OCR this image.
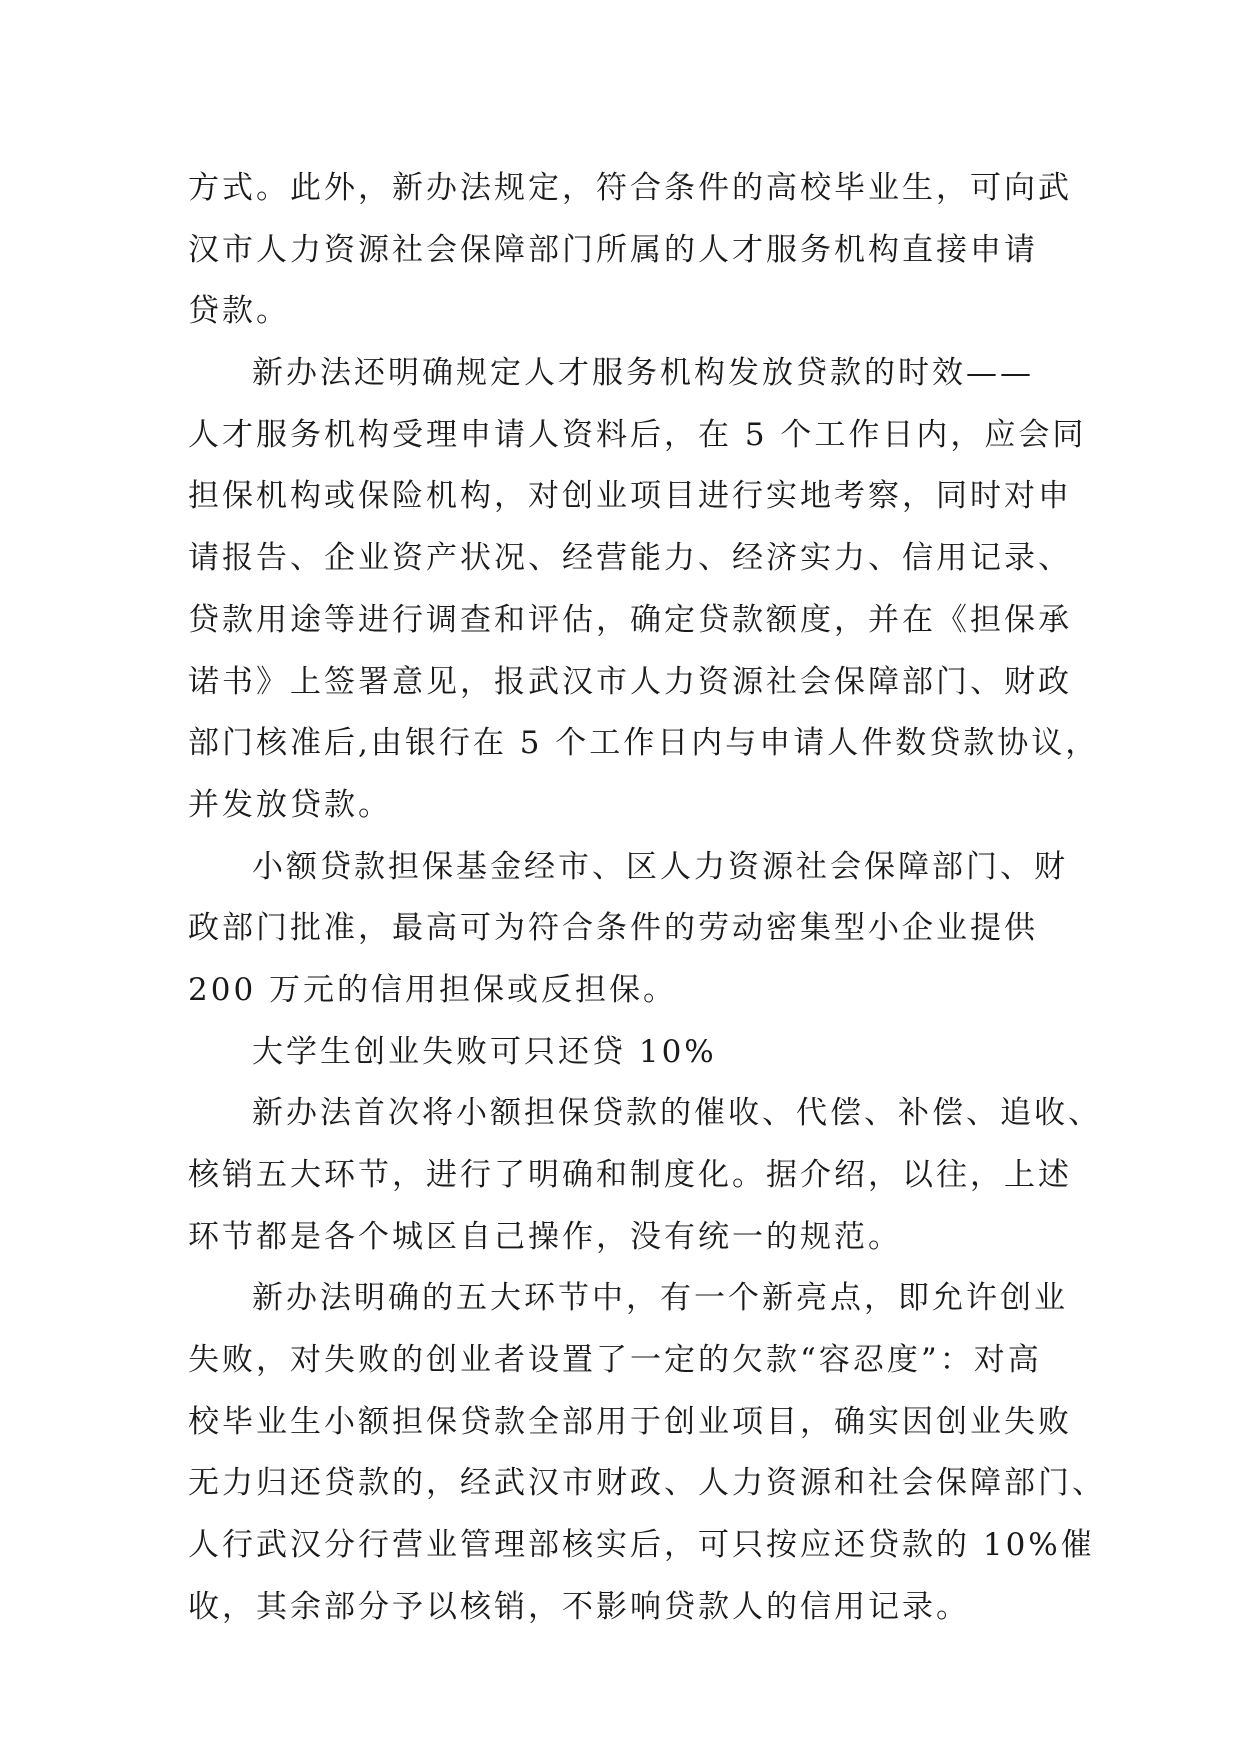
方式。此外，新办法规定，符合条件的高校毕业生，可向武
汉市人力资源社会保障部门所属的人才服务机构直接申请
贷款。
新办法还明确规定人才服务机构发放贷款的时效——
人才服务机构受理申请人资料后，在 5 个工作日内，应会同
担保机构或保险机构，对创业项目进行实地考察，同时对申
请报告、企业资产状况、经营能力、经济实力、信用记录、
贷款用途等进行调查和评估，确定贷款额度，并在《担保承
诺书》上签署意见，报武汉市人力资源社会保障部门、财政
部门核准后,由银行在 5 个工作日内与申请人件数贷款协议，
并发放贷款。
小额贷款担保基金经市、区人力资源社会保障部门、财
政部门批准，最高可为符合条件的劳动密集型小企业提供
200 万元的信用担保或反担保。
大学生创业失败可只还贷 10%
新办法首次将小额担保贷款的催收、代偿、补偿、追收、
核销五大环节，进行了明确和制度化。据介绍，以往，上述
环节都是各个城区自己操作，没有统一的规范。
新办法明确的五大环节中，有一个新亮点，即允许创业
失败，对失败的创业者设置了一定的欠款“容忍度”：对高
校毕业生小额担保贷款全部用于创业项目，确实因创业失败
无力归还贷款的，经武汉市财政、人力资源和社会保障部门、
人行武汉分行营业管理部核实后，可只按应还贷款的 10%催
收，其余部分予以核销，不影响贷款人的信用记录。
